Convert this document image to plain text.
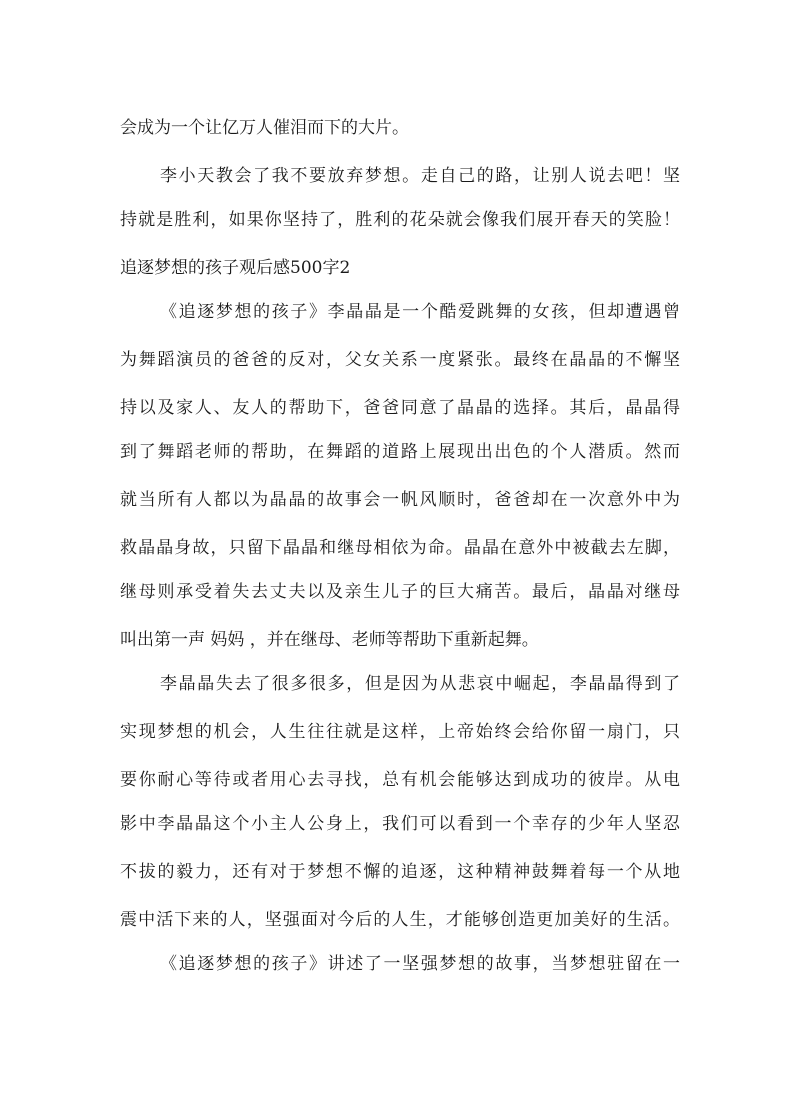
会成为一个让亿万人催泪而下的大片。
李小天教会了我不要放弃梦想。走自己的路，让别人说去吧！坚
持就是胜利，如果你坚持了，胜利的花朵就会像我们展开春天的笑脸！
追逐梦想的孩子观后感500字2
《追逐梦想的孩子》李晶晶是一个酷爱跳舞的女孩，但却遭遇曾
为舞蹈演员的爸爸的反对，父女关系一度紧张。最终在晶晶的不懈坚
持以及家人、友人的帮助下，爸爸同意了晶晶的选择。其后，晶晶得
到了舞蹈老师的帮助，在舞蹈的道路上展现出出色的个人潜质。然而
就当所有人都以为晶晶的故事会一帆风顺时，爸爸却在一次意外中为
救晶晶身故，只留下晶晶和继母相依为命。晶晶在意外中被截去左脚，
继母则承受着失去丈夫以及亲生儿子的巨大痛苦。最后，晶晶对继母
叫出第一声 妈妈 ，并在继母、老师等帮助下重新起舞。
李晶晶失去了很多很多，但是因为从悲哀中崛起，李晶晶得到了
实现梦想的机会，人生往往就是这样，上帝始终会给你留一扇门，只
要你耐心等待或者用心去寻找，总有机会能够达到成功的彼岸。从电
影中李晶晶这个小主人公身上，我们可以看到一个幸存的少年人坚忍
不拔的毅力，还有对于梦想不懈的追逐，这种精神鼓舞着每一个从地
震中活下来的人，坚强面对今后的人生，才能够创造更加美好的生活。
《追逐梦想的孩子》讲述了一坚强梦想的故事，当梦想驻留在一
